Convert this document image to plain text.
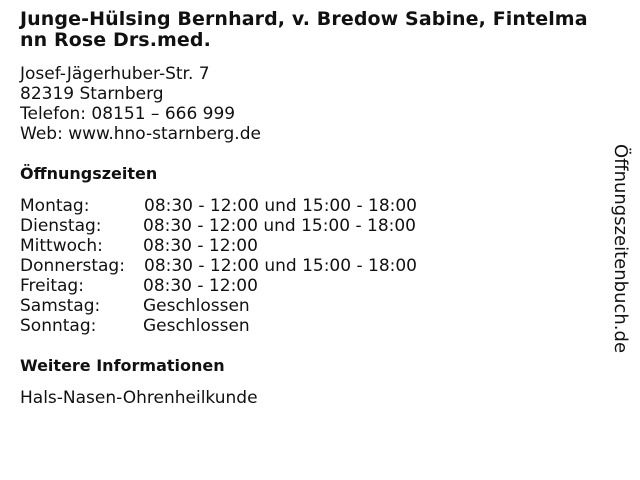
Junge-Hülsing Bernhard, v. Bredow Sabine, Fintelmann Rose Drs.med.
Josef-Jägerhuber-Str. 7
82319 Starnberg
Telefon: 08151 – 666 999
Web: www.hno-starnberg.de
Öffnungszeiten
Montag:	08:30 - 12:00 und 15:00 - 18:00
Dienstag:	08:30 - 12:00 und 15:00 - 18:00
Mittwoch:	08:30 - 12:00
Donnerstag:	08:30 - 12:00 und 15:00 - 18:00
Freitag:	08:30 - 12:00
Samstag:	Geschlossen
Sonntag:	Geschlossen
Weitere Informationen
Hals-Nasen-Ohrenheilkunde
Öffnungszeitenbuch.de
